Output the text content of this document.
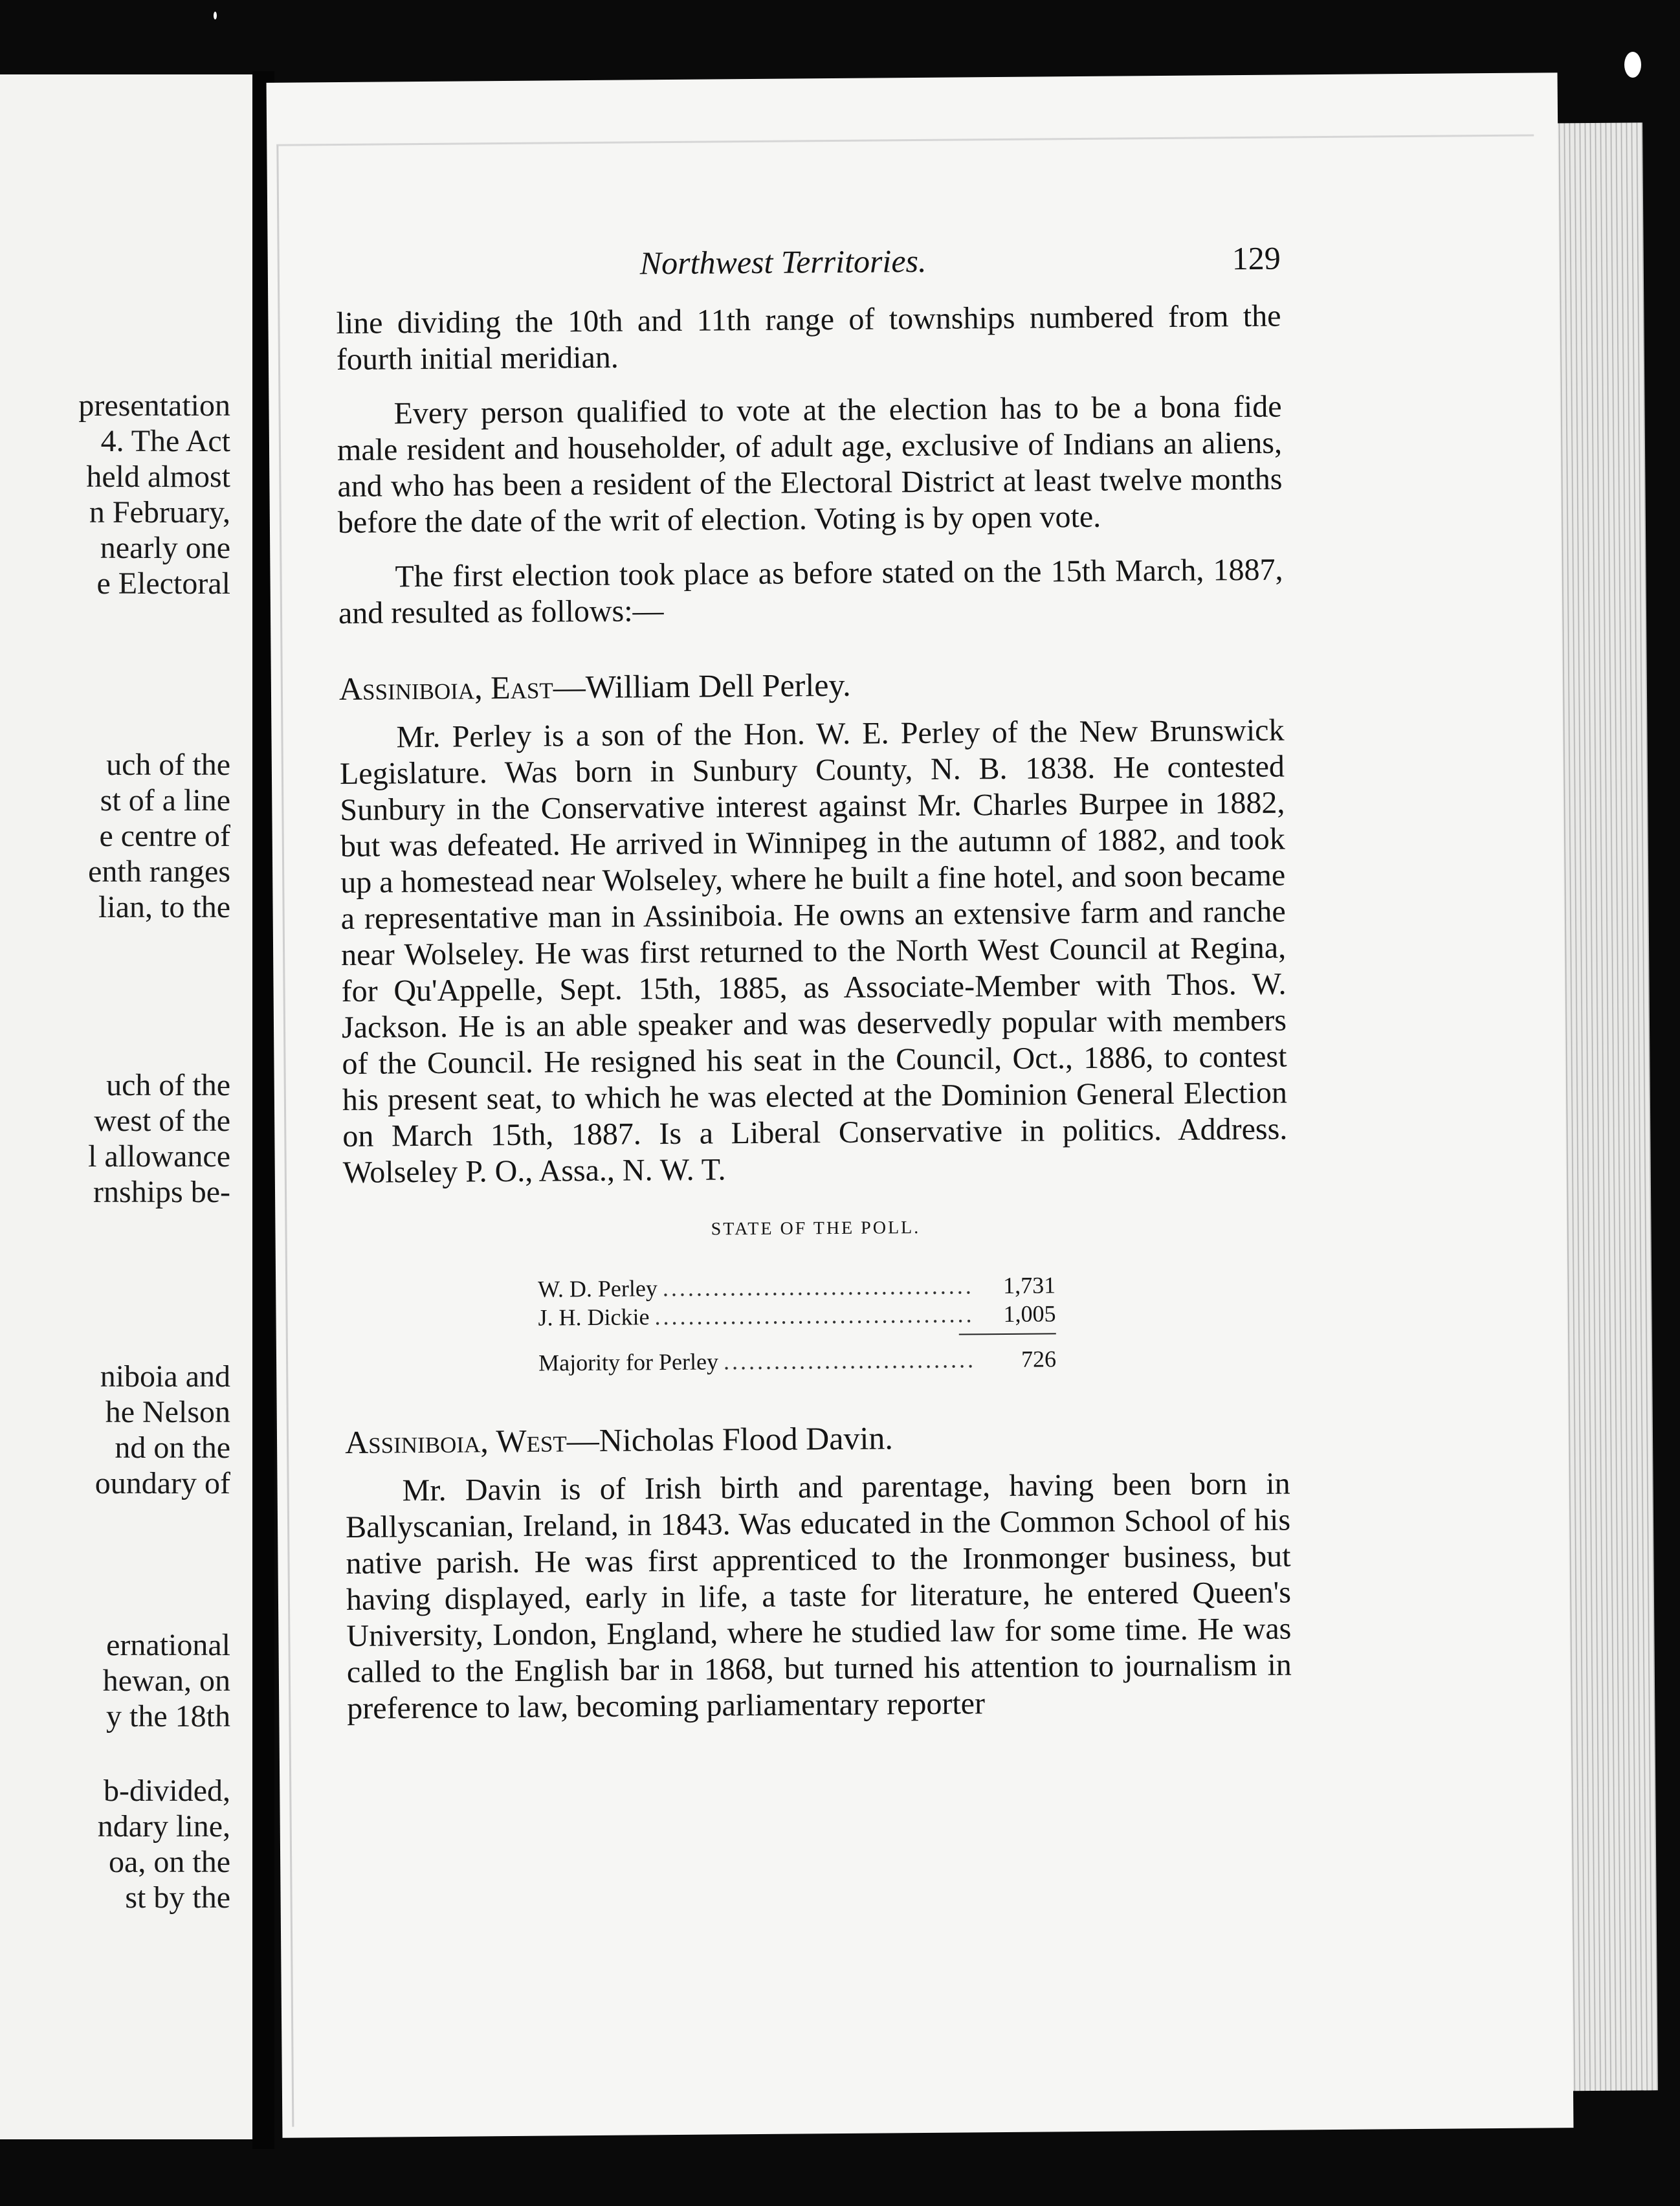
presentation
4. The Act
held almost
n February,
nearly one
e Electoral
uch of the
st of a line
e centre of
enth ranges
lian, to the
uch of the
west of the
l allowance
rnships be-
niboia and
he Nelson
nd on the
oundary of
ernational
hewan, on
y the 18th
b-divided,
ndary line,
oa, on the
st by the
Northwest Territories.	129

line dividing the 10th and 11th range of townships numbered from the fourth initial meridian.

Every person qualified to vote at the election has to be a bona fide male resident and householder, of adult age, exclusive of Indians an aliens, and who has been a resident of the Electoral District at least twelve months before the date of the writ of election. Voting is by open vote.

The first election took place as before stated on the 15th March, 1887, and resulted as follows:—

Assiniboia, East—William Dell Perley.

Mr. Perley is a son of the Hon. W. E. Perley of the New Brunswick Legislature. Was born in Sunbury County, N. B. 1838. He contested Sunbury in the Conservative interest against Mr. Charles Burpee in 1882, but was defeated. He arrived in Winnipeg in the autumn of 1882, and took up a homestead near Wolseley, where he built a fine hotel, and soon became a representative man in Assiniboia. He owns an extensive farm and ranche near Wolseley. He was first returned to the North West Council at Regina, for Qu'Appelle, Sept. 15th, 1885, as Associate-Member with Thos. W. Jackson. He is an able speaker and was deservedly popular with members of the Council. He resigned his seat in the Council, Oct., 1886, to contest his present seat, to which he was elected at the Dominion General Election on March 15th, 1887. Is a Liberal Conservative in politics. Address. Wolseley P. O., Assa., N. W. T.

STATE OF THE POLL.
W. D. Perley .....	1,731
J. H. Dickie .....	1,005
Majority for Perley .....	726
Assiniboia, West—Nicholas Flood Davin.

Mr. Davin is of Irish birth and parentage, having been born in Ballyscanian, Ireland, in 1843. Was educated in the Common School of his native parish. He was first apprenticed to the Ironmonger business, but having displayed, early in life, a taste for literature, he entered Queen's University, London, England, where he studied law for some time. He was called to the English bar in 1868, but turned his attention to journalism in preference to law, becoming parliamentary reporter
